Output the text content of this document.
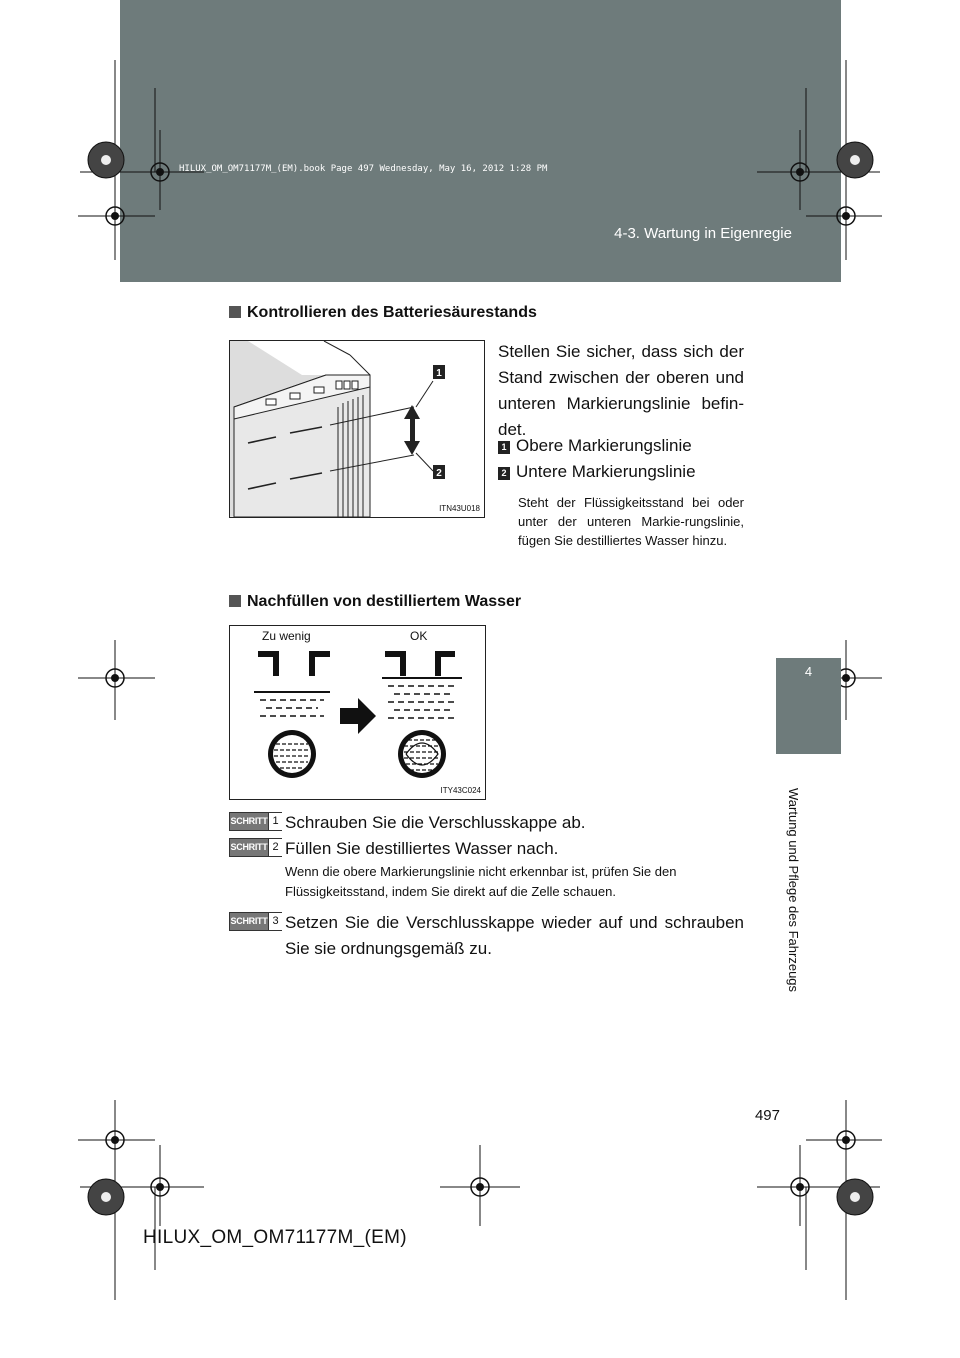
HILUX_OM_OM71177M_(EM).book Page 497 Wednesday, May 16, 2012 1:28 PM
4-3. Wartung in Eigenregie
4
Wartung und Pflege des Fahrzeugs
Kontrollieren des Batteriesäurestands
1
2
ITN43U018
Stellen Sie sicher, dass sich der Stand zwischen der oberen und unteren Markierungslinie befin-det.
1 Obere Markierungslinie
2 Untere Markierungslinie
Steht der Flüssigkeitsstand bei oder unter der unteren Markie-rungslinie, fügen Sie destilliertes Wasser hinzu.
Nachfüllen von destilliertem Wasser
Zu wenig	OK
ITY43C024
SCHRITT 1 Schrauben Sie die Verschlusskappe ab.
SCHRITT 2 Füllen Sie destilliertes Wasser nach.
Wenn die obere Markierungslinie nicht erkennbar ist, prüfen Sie den Flüssigkeitsstand, indem Sie direkt auf die Zelle schauen.
SCHRITT 3 Setzen Sie die Verschlusskappe wieder auf und schrauben Sie sie ordnungsgemäß zu.
497
HILUX_OM_OM71177M_(EM)
